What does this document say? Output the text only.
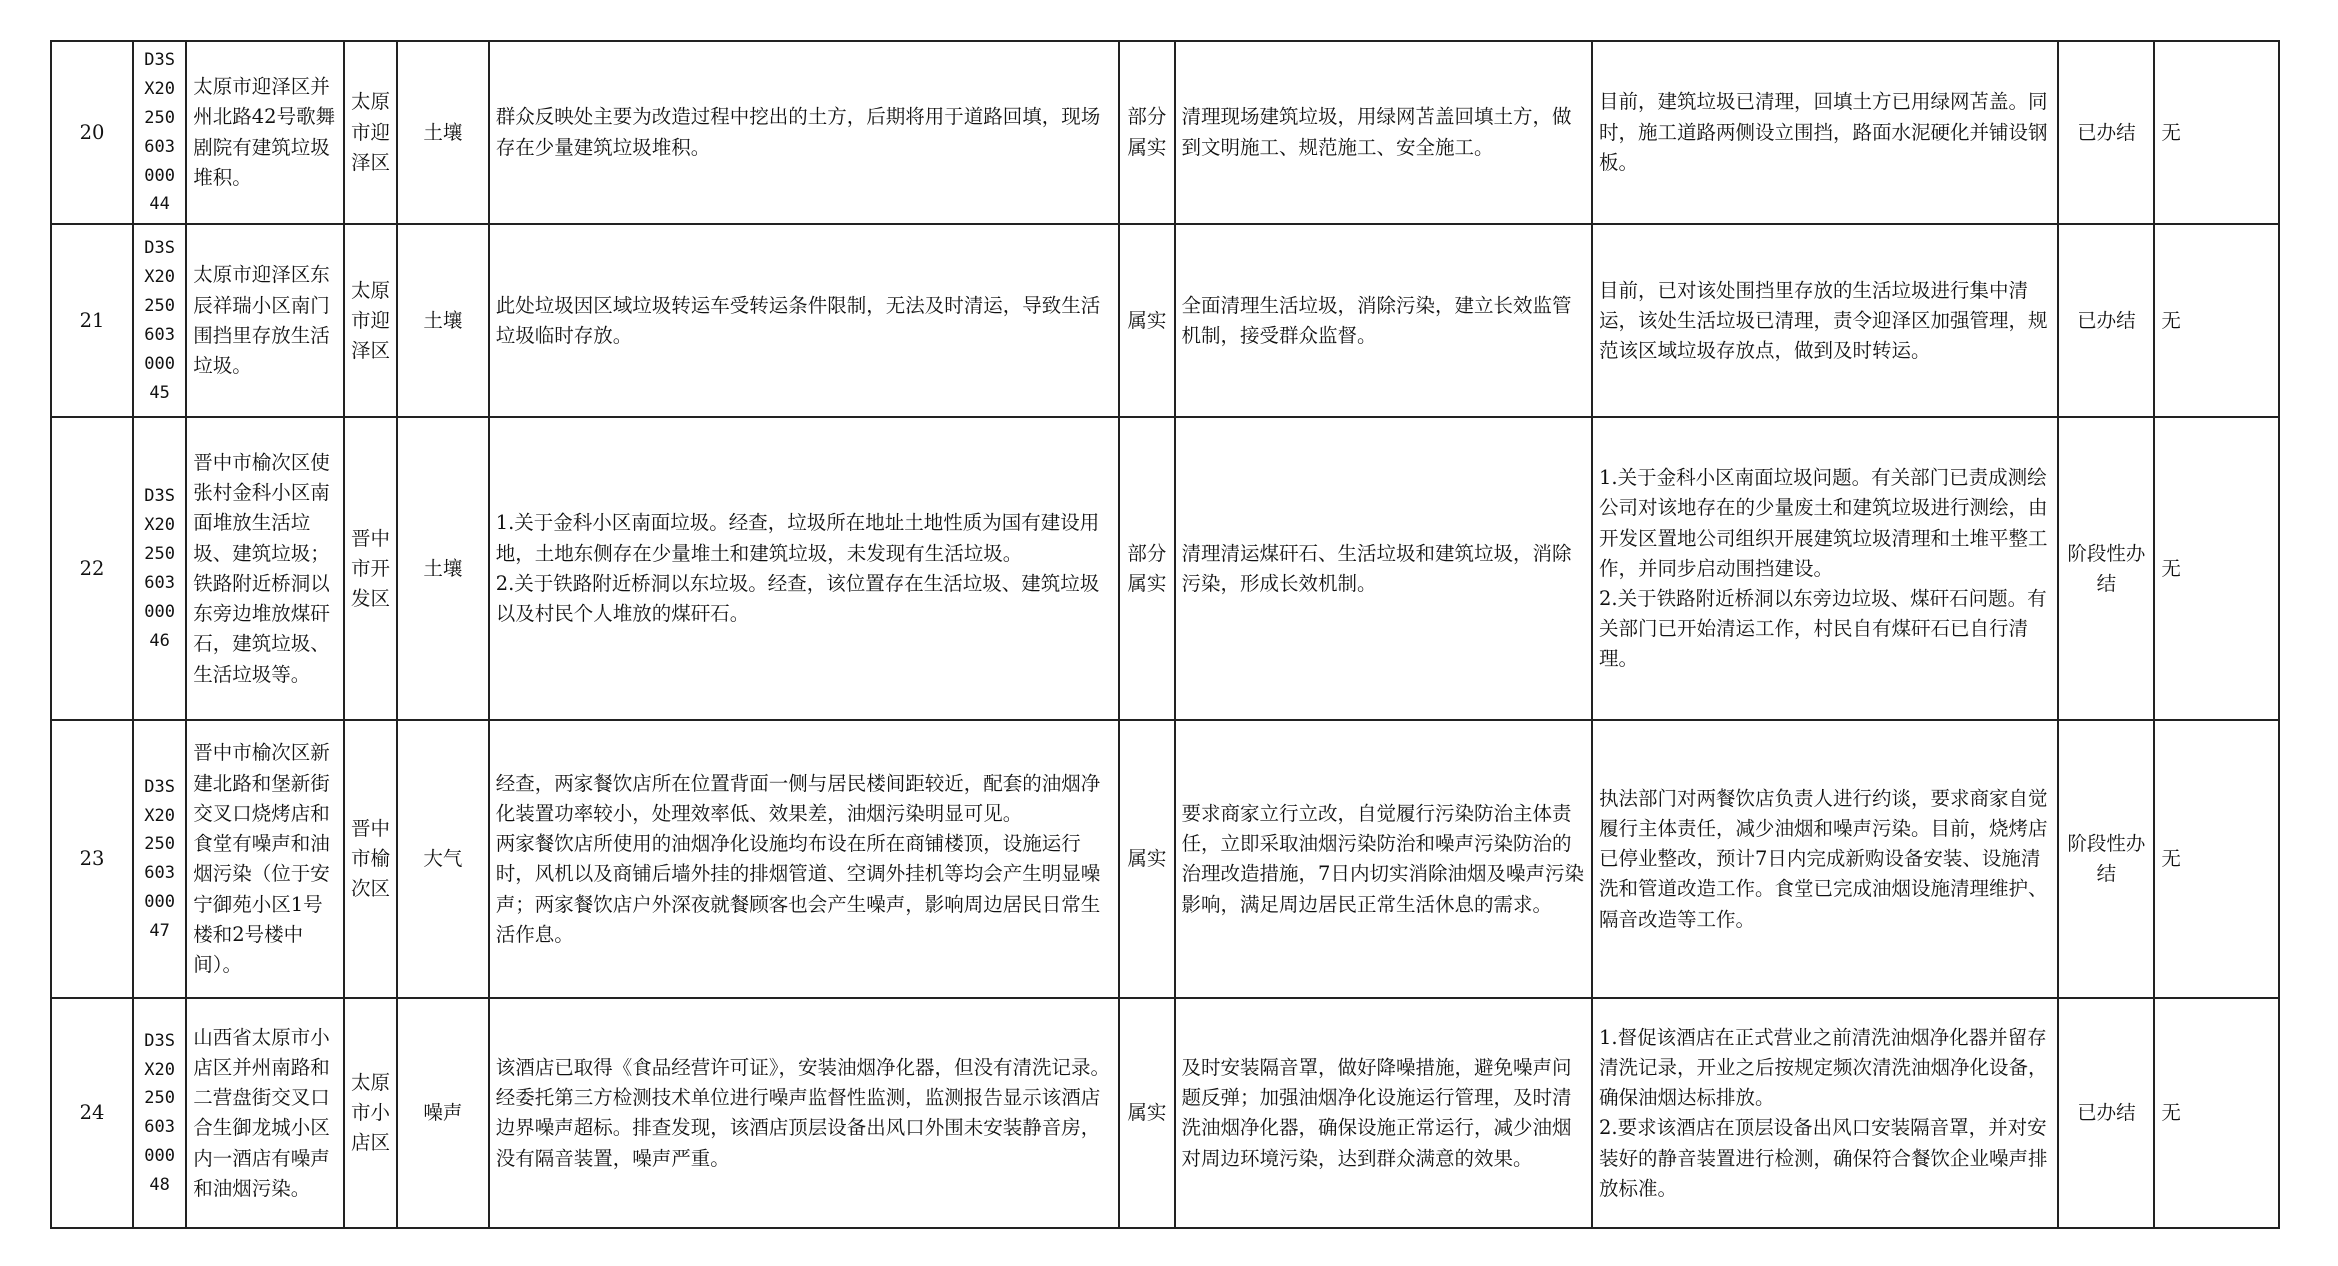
20	D3SX2025060300044	太原市迎泽区并州北路42号歌舞剧院有建筑垃圾堆积。	太原市迎泽区	土壤	群众反映处主要为改造过程中挖出的土方，后期将用于道路回填，现场存在少量建筑垃圾堆积。	部分属实	清理现场建筑垃圾，用绿网苫盖回填土方，做到文明施工、规范施工、安全施工。	目前，建筑垃圾已清理，回填土方已用绿网苫盖。同时，施工道路两侧设立围挡，路面水泥硬化并铺设钢板。	已办结	无
21	D3SX2025060300045	太原市迎泽区东辰祥瑞小区南门围挡里存放生活垃圾。	太原市迎泽区	土壤	此处垃圾因区域垃圾转运车受转运条件限制，无法及时清运，导致生活垃圾临时存放。	属实	全面清理生活垃圾，消除污染，建立长效监管机制，接受群众监督。	目前，已对该处围挡里存放的生活垃圾进行集中清运，该处生活垃圾已清理，责令迎泽区加强管理，规范该区域垃圾存放点，做到及时转运。	已办结	无
22	D3SX2025060300046	晋中市榆次区使张村金科小区南面堆放生活垃圾、建筑垃圾；铁路附近桥洞以东旁边堆放煤矸石，建筑垃圾、生活垃圾等。	晋中市开发区	土壤	1.关于金科小区南面垃圾。经查，垃圾所在地址土地性质为国有建设用地，土地东侧存在少量堆土和建筑垃圾，未发现有生活垃圾。
2.关于铁路附近桥洞以东垃圾。经查，该位置存在生活垃圾、建筑垃圾以及村民个人堆放的煤矸石。	部分属实	清理清运煤矸石、生活垃圾和建筑垃圾，消除污染，形成长效机制。	1.关于金科小区南面垃圾问题。有关部门已责成测绘公司对该地存在的少量废土和建筑垃圾进行测绘，由开发区置地公司组织开展建筑垃圾清理和土堆平整工作，并同步启动围挡建设。
2.关于铁路附近桥洞以东旁边垃圾、煤矸石问题。有关部门已开始清运工作，村民自有煤矸石已自行清理。	阶段性办结	无
23	D3SX2025060300047	晋中市榆次区新建北路和堡新街交叉口烧烤店和食堂有噪声和油烟污染（位于安宁御苑小区1号楼和2号楼中间）。	晋中市榆次区	大气	经查，两家餐饮店所在位置背面一侧与居民楼间距较近，配套的油烟净化装置功率较小，处理效率低、效果差，油烟污染明显可见。
两家餐饮店所使用的油烟净化设施均布设在所在商铺楼顶，设施运行时，风机以及商铺后墙外挂的排烟管道、空调外挂机等均会产生明显噪声；两家餐饮店户外深夜就餐顾客也会产生噪声，影响周边居民日常生活作息。	属实	要求商家立行立改，自觉履行污染防治主体责任，立即采取油烟污染防治和噪声污染防治的治理改造措施，7日内切实消除油烟及噪声污染影响，满足周边居民正常生活休息的需求。	执法部门对两餐饮店负责人进行约谈，要求商家自觉履行主体责任，减少油烟和噪声污染。目前，烧烤店已停业整改，预计7日内完成新购设备安装、设施清洗和管道改造工作。食堂已完成油烟设施清理维护、隔音改造等工作。	阶段性办结	无
24	D3SX2025060300048	山西省太原市小店区并州南路和二营盘街交叉口合生御龙城小区内一酒店有噪声和油烟污染。	太原市小店区	噪声	该酒店已取得《食品经营许可证》，安装油烟净化器，但没有清洗记录。经委托第三方检测技术单位进行噪声监督性监测，监测报告显示该酒店边界噪声超标。排查发现，该酒店顶层设备出风口外围未安装静音房，没有隔音装置，噪声严重。	属实	及时安装隔音罩，做好降噪措施，避免噪声问题反弹；加强油烟净化设施运行管理，及时清洗油烟净化器，确保设施正常运行，减少油烟对周边环境污染，达到群众满意的效果。	1.督促该酒店在正式营业之前清洗油烟净化器并留存清洗记录，开业之后按规定频次清洗油烟净化设备，确保油烟达标排放。
2.要求该酒店在顶层设备出风口安装隔音罩，并对安装好的静音装置进行检测，确保符合餐饮企业噪声排放标准。	已办结	无
